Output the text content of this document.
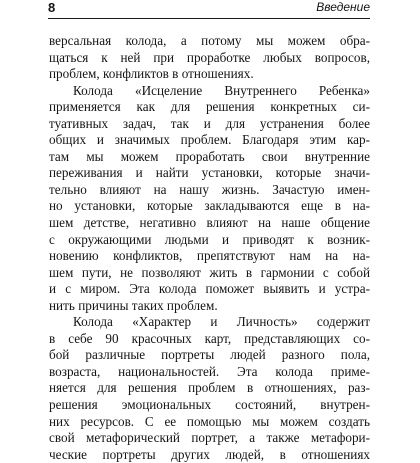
8	Введение
версальная колода, а потому мы можем обра-
щаться к ней при проработке любых вопросов,
проблем, конфликтов в отношениях.
Колода «Исцеление Внутреннего Ребенка»
применяется как для решения конкретных си-
туативных задач, так и для устранения более
общих и значимых проблем. Благодаря этим кар-
там мы можем проработать свои внутренние
переживания и найти установки, которые значи-
тельно влияют на нашу жизнь. Зачастую имен-
но установки, которые закладываются еще в на-
шем детстве, негативно влияют на наше общение
с окружающими людьми и приводят к возник-
новению конфликтов, препятствуют нам на на-
шем пути, не позволяют жить в гармонии с собой
и с миром. Эта колода поможет выявить и устра-
нить причины таких проблем.
Колода «Характер и Личность» содержит
в себе 90 красочных карт, представляющих со-
бой различные портреты людей разного пола,
возраста, национальностей. Эта колода приме-
няется для решения проблем в отношениях, раз-
решения эмоциональных состояний, внутрен-
них ресурсов. С ее помощью мы можем создать
свой метафорический портрет, а также метафори-
ческие портреты других людей, в отношениях
